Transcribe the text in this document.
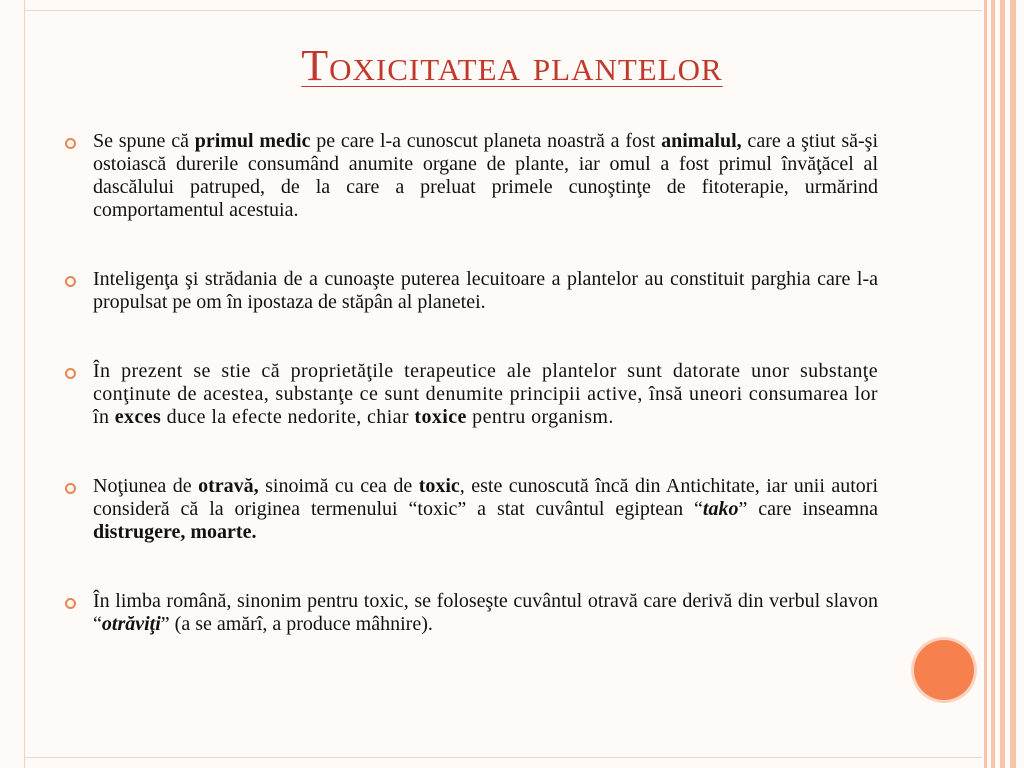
Toxicitatea plantelor
Se spune că primul medic pe care l-a cunoscut planeta noastră a fost animalul, care a ştiut să-şi ostoiască durerile consumând anumite organe de plante, iar omul a fost primul învăţăcel al dascălului patruped, de la care a preluat primele cunoştinţe de fitoterapie, urmărind comportamentul acestuia.
Inteligenţa şi strădania de a cunoaşte puterea lecuitoare a plantelor au constituit parghia care l-a propulsat pe om în ipostaza de stăpân al planetei.
În prezent se stie că proprietăţile terapeutice ale plantelor sunt datorate unor substanţe conţinute de acestea, substanţe ce sunt denumite principii active, însă uneori consumarea lor în exces duce la efecte nedorite, chiar toxice pentru organism.
Noţiunea de otravă, sinoimă cu cea de toxic, este cunoscută încă din Antichitate, iar unii autori consideră că la originea termenului “toxic” a stat cuvântul egiptean “tako” care inseamna distrugere, moarte.
În limba română, sinonim pentru toxic, se foloseşte cuvântul otravă care derivă din verbul slavon “otrăviţi” (a se amărî, a produce mâhnire).
